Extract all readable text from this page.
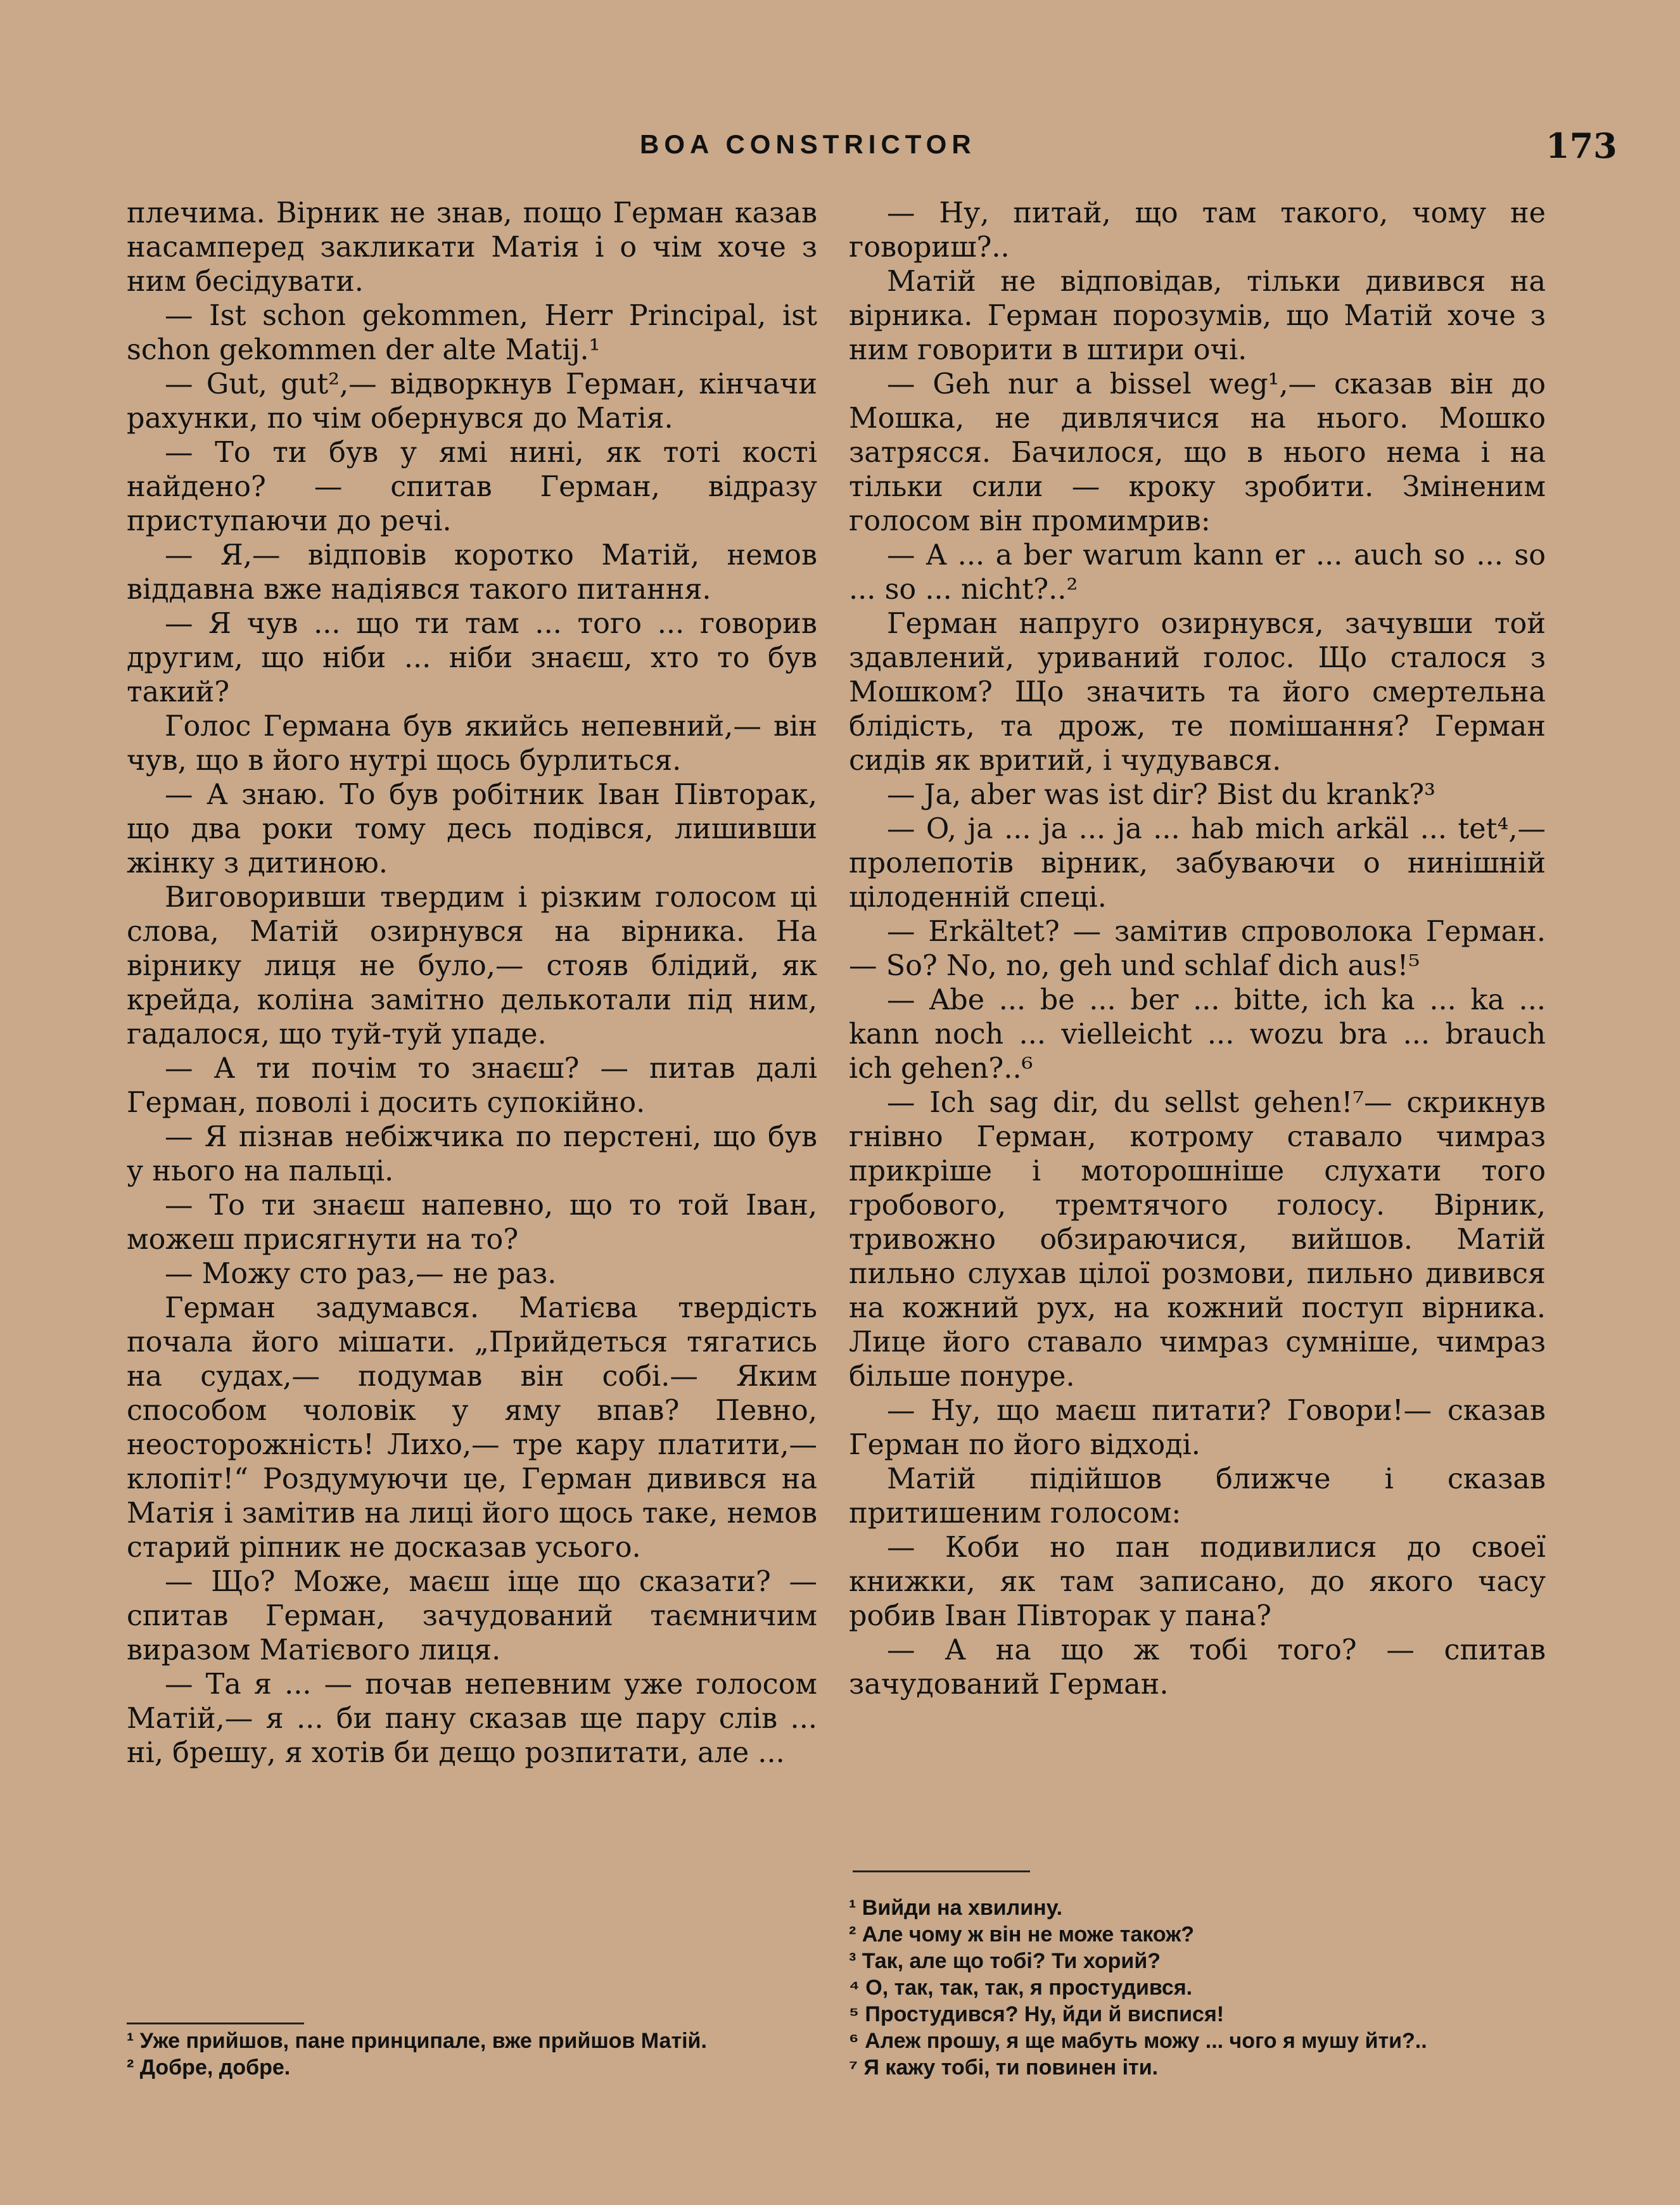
BOA CONSTRICTOR	173

плечима. Вірник не знав, пощо Герман казав насамперед закликати Матія і о чім хоче з ним бесідувати.

— Ist schon gekommen, Herr Principal, ist schon gekommen der alte Matij.¹

— Gut, gut²,— відворкнув Герман, кінчачи рахунки, по чім обернувся до Матія.

— То ти був у ямі нині, як тоті кості найдено? — спитав Герман, відразу приступаючи до речі.

— Я,— відповів коротко Матій, немов віддавна вже надіявся такого питання.

— Я чув ... що ти там ... того ... говорив другим, що ніби ... ніби знаєш, хто то був такий?

Голос Германа був якийсь непевний,— він чув, що в його нутрі щось бурлиться.

— А знаю. То був робітник Іван Півторак, що два роки тому десь подівся, лишивши жінку з дитиною.

Виговоривши твердим і різким голосом ці слова, Матій озирнувся на вірника. На вірнику лиця не було,— стояв блідий, як крейда, коліна замітно делькотали під ним, гадалося, що туй-туй упаде.

— А ти почім то знаєш? — питав далі Герман, поволі і досить супокійно.

— Я пізнав небіжчика по перстені, що був у нього на пальці.

— То ти знаєш напевно, що то той Іван, можеш присягнути на то?

— Можу сто раз,— не раз.

Герман задумався. Матієва твердість почала його мішати. „Прийдеться тягатись на судах,— подумав він собі.— Яким способом чоловік у яму впав? Певно, неосторожність! Лихо,— тре кару платити,— клопіт!“ Роздумуючи це, Герман дивився на Матія і замітив на лиці його щось таке, немов старий ріпник не досказав усього.

— Що? Може, маєш іще що сказати? — спитав Герман, зачудований таємничим виразом Матієвого лиця.

— Та я ... — почав непевним уже голосом Матій,— я ... би пану сказав ще пару слів ... ні, брешу, я хотів би дещо розпитати, але ...

¹ Уже прийшов, пане принципале, вже прийшов Матій.

² Добре, добре.

— Ну, питай, що там такого, чому не говориш?..

Матій не відповідав, тільки дивився на вірника. Герман порозумів, що Матій хоче з ним говорити в штири очі.

— Geh nur a bissel weg¹,— сказав він до Мошка, не дивлячися на нього. Мошко затрясся. Бачилося, що в нього нема і на тільки сили — кроку зробити. Зміненим голосом він промимрив:

— A ... a ber warum kann er ... auch so ... so ... so ... nicht?..²

Герман напруго озирнувся, зачувши той здавлений, уриваний голос. Що сталося з Мошком? Що значить та його смертельна блідість, та дрож, те помішання? Герман сидів як вритий, і чудувався.

— Ja, aber was ist dir? Bist du krank?³

— O, ja ... ja ... ja ... hab mich arkäl ... tet⁴,— пролепотів вірник, забуваючи о нинішній цілоденній спеці.

— Erkältet? — замітив спроволока Герман.— So? No, no, geh und schlaf dich aus!⁵

— Abe ... be ... ber ... bitte, ich ka ... ka ... kann noch ... vielleicht ... wozu bra ... brauch ich gehen?..⁶

— Ich sag dir, du sellst gehen!⁷— скрикнув гнівно Герман, котрому ставало чимраз прикріше і моторошніше слухати того гробового, тремтячого голосу. Вірник, тривожно обзираючися, вийшов. Матій пильно слухав цілої розмови, пильно дивився на кожний рух, на кожний поступ вірника. Лице його ставало чимраз сумніше, чимраз більше понуре.

— Ну, що маєш питати? Говори!— сказав Герман по його відході.

Матій підійшов ближче і сказав притишеним голосом:

— Коби но пан подивилися до своеї книжки, як там записано, до якого часу робив Іван Півторак у пана?

— А на що ж тобі того? — спитав зачудований Герман.

¹ Вийди на хвилину.

² Але чому ж він не може також?

³ Так, але що тобі? Ти хорий?

⁴ О, так, так, так, я простудився.

⁵ Простудився? Ну, йди й виспися!

⁶ Алеж прошу, я ще мабуть можу ... чого я мушу йти?..

⁷ Я кажу тобі, ти повинен іти.
